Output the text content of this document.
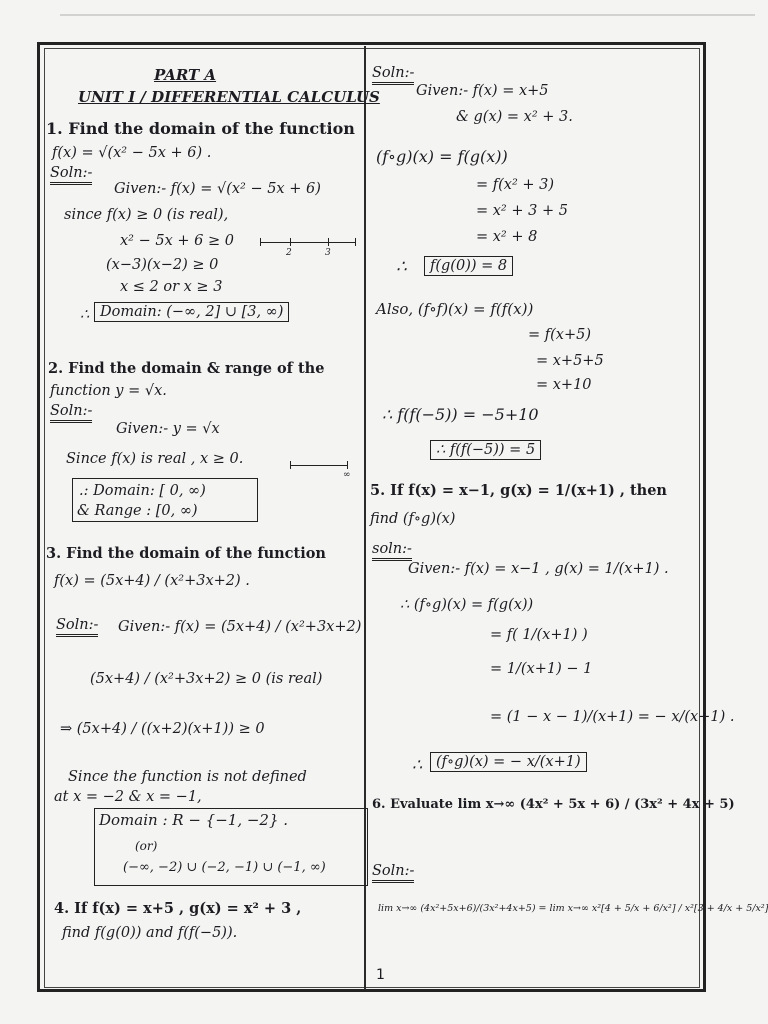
PART A
UNIT I / DIFFERENTIAL CALCULUS
1. Find the domain of the function
f(x) = √(x² − 5x + 6) .
Soln:-
Given:- f(x) = √(x² − 5x + 6)
since f(x) ≥ 0 (is real),
x² − 5x + 6 ≥ 0
2	3
(x−3)(x−2) ≥ 0
x ≤ 2 or x ≥ 3
∴ Domain: (−∞, 2] ∪ [3, ∞)
2. Find the domain & range of the
function y = √x.
Soln:-
Given:- y = √x
Since f(x) is real , x ≥ 0.
∞
.: Domain: [ 0, ∞)
& Range : [0, ∞)
3. Find the domain of the function
f(x) = (5x+4) / (x²+3x+2) .
Soln:- Given:- f(x) = (5x+4) / (x²+3x+2)
(5x+4) / (x²+3x+2) ≥ 0 (is real)
⇒ (5x+4) / ((x+2)(x+1)) ≥ 0
Since the function is not defined
at x = −2 & x = −1,
Domain : R − {−1, −2} .
(or)
(−∞, −2) ∪ (−2, −1) ∪ (−1, ∞)
4. If f(x) = x+5 , g(x) = x² + 3 ,
find f(g(0)) and f(f(−5)).
Soln:-
Given:- f(x) = x+5
& g(x) = x² + 3.
(f∘g)(x) = f(g(x))
= f(x² + 3)
= x² + 3 + 5
= x² + 8
∴	f(g(0)) = 8
Also, (f∘f)(x) = f(f(x))
= f(x+5)
= x+5+5
= x+10
∴ f(f(−5)) = −5+10
∴ f(f(−5)) = 5
5. If f(x) = x−1, g(x) = 1/(x+1) , then
find (f∘g)(x)
soln:-
Given:- f(x) = x−1 , g(x) = 1/(x+1) .
∴ (f∘g)(x) = f(g(x))
= f( 1/(x+1) )
= 1/(x+1) − 1
= (1 − x − 1)/(x+1) = − x/(x+1) .
∴ (f∘g)(x) = − x/(x+1)
6. Evaluate lim x→∞ (4x² + 5x + 6) / (3x² + 4x + 5)
Soln:-
lim x→∞ (4x²+5x+6)/(3x²+4x+5) = lim x→∞ x²[4 + 5/x + 6/x²] / x²[3 + 4/x + 5/x²]
1
